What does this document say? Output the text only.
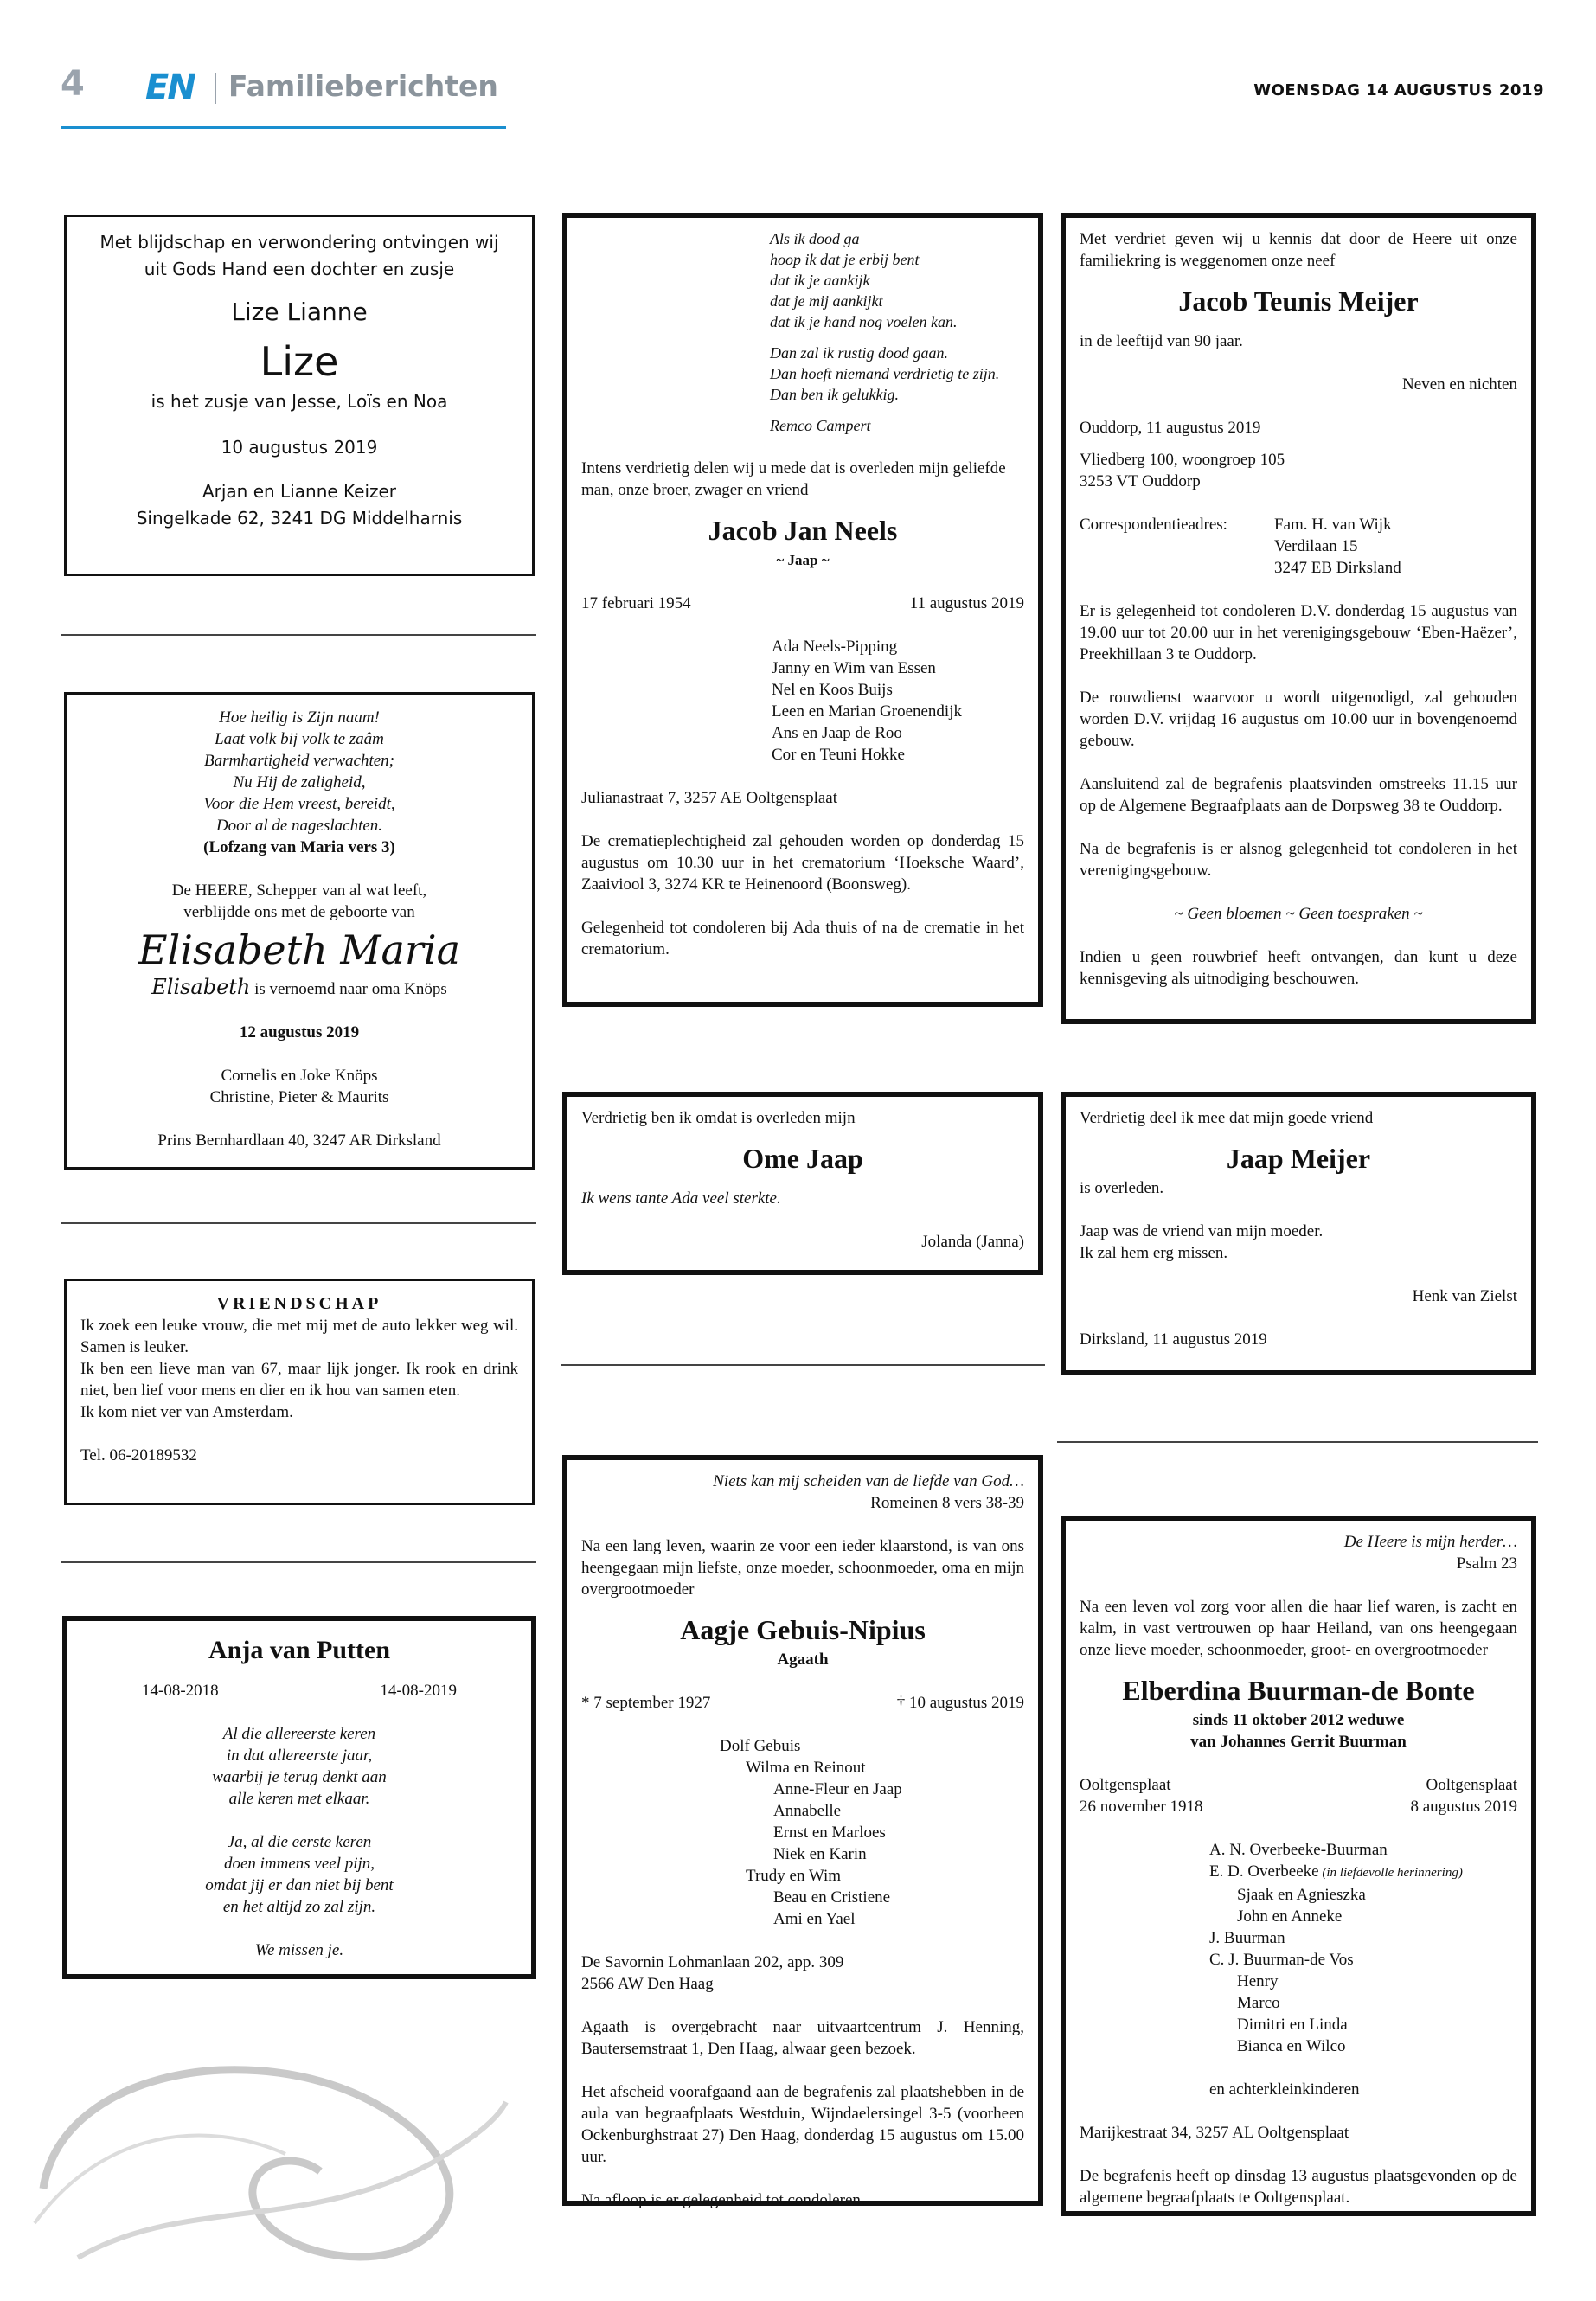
4 EN Familieberichten	WOENSDAG 14 AUGUSTUS 2019

Met blijdschap en verwondering ontvingen wij

uit Gods Hand een dochter en zusje

Lize Lianne

Lize

is het zusje van Jesse, Loïs en Noa

10 augustus 2019

Arjan en Lianne Keizer

Singelkade 62, 3241 DG Middelharnis

Hoe heilig is Zijn naam!

Laat volk bij volk te zaâm

Barmhartigheid verwachten;

Nu Hij de zaligheid,

Voor die Hem vreest, bereidt,

Door al de nageslachten.

(Lofzang van Maria vers 3)

De HEERE, Schepper van al wat leeft,

verblijdde ons met de geboorte van

Elisabeth Maria

Elisabeth is vernoemd naar oma Knöps

12 augustus 2019

Cornelis en Joke Knöps

Christine, Pieter & Maurits

Prins Bernhardlaan 40, 3247 AR Dirksland

VRIENDSCHAP

Ik zoek een leuke vrouw, die met mij met de auto lekker weg wil. Samen is leuker.

Ik ben een lieve man van 67, maar lijk jonger. Ik rook en drink niet, ben lief voor mens en dier en ik hou van samen eten.

Ik kom niet ver van Amsterdam.

Tel. 06-20189532

Anja van Putten

14-08-2018	14-08-2019

Al die allereerste keren

in dat allereerste jaar,

waarbij je terug denkt aan

alle keren met elkaar.

Ja, al die eerste keren

doen immens veel pijn,

omdat jij er dan niet bij bent

en het altijd zo zal zijn.

We missen je.

Als ik dood ga

hoop ik dat je erbij bent

dat ik je aankijk

dat je mij aankijkt

dat ik je hand nog voelen kan.

Dan zal ik rustig dood gaan.

Dan hoeft niemand verdrietig te zijn.

Dan ben ik gelukkig.

Remco Campert

Intens verdrietig delen wij u mede dat is overleden mijn geliefde man, onze broer, zwager en vriend

Jacob Jan Neels

~ Jaap ~

17 februari 1954	11 augustus 2019

Ada Neels-Pipping

Janny en Wim van Essen

Nel en Koos Buijs

Leen en Marian Groenendijk

Ans en Jaap de Roo

Cor en Teuni Hokke

Julianastraat 7, 3257 AE Ooltgensplaat

De crematieplechtigheid zal gehouden worden op donderdag 15 augustus om 10.30 uur in het crematorium ‘Hoeksche Waard’, Zaaiviool 3, 3274 KR te Heinenoord (Boonsweg).

Gelegenheid tot condoleren bij Ada thuis of na de crematie in het crematorium.

Verdrietig ben ik omdat is overleden mijn

Ome Jaap

Ik wens tante Ada veel sterkte.

Jolanda (Janna)

Niets kan mij scheiden van de liefde van God…

Romeinen 8 vers 38-39

Na een lang leven, waarin ze voor een ieder klaarstond, is van ons heengegaan mijn liefste, onze moeder, schoonmoeder, oma en mijn overgrootmoeder

Aagje Gebuis-Nipius

Agaath

* 7 september 1927	† 10 augustus 2019

Dolf Gebuis

Wilma en Reinout

Anne-Fleur en Jaap

Annabelle

Ernst en Marloes

Niek en Karin

Trudy en Wim

Beau en Cristiene

Ami en Yael

De Savornin Lohmanlaan 202, app. 309

2566 AW Den Haag

Agaath is overgebracht naar uitvaartcentrum J. Henning, Bautersemstraat 1, Den Haag, alwaar geen bezoek.

Het afscheid voorafgaand aan de begrafenis zal plaatshebben in de aula van begraafplaats Westduin, Wijndaelersingel 3-5 (voorheen Ockenburghstraat 27) Den Haag, donderdag 15 augustus om 15.00 uur.

Na afloop is er gelegenheid tot condoleren.

Met verdriet geven wij u kennis dat door de Heere uit onze familiekring is weggenomen onze neef

Jacob Teunis Meijer

in de leeftijd van 90 jaar.

Neven en nichten

Ouddorp, 11 augustus 2019

Vliedberg 100, woongroep 105

3253 VT Ouddorp

Correspondentieadres:	Fam. H. van Wijk

Verdilaan 15

3247 EB Dirksland

Er is gelegenheid tot condoleren D.V. donderdag 15 augustus van 19.00 uur tot 20.00 uur in het verenigingsgebouw ‘Eben-Haëzer’, Preekhillaan 3 te Ouddorp.

De rouwdienst waarvoor u wordt uitgenodigd, zal gehouden worden D.V. vrijdag 16 augustus om 10.00 uur in bovengenoemd gebouw.

Aansluitend zal de begrafenis plaatsvinden omstreeks 11.15 uur op de Algemene Begraafplaats aan de Dorpsweg 38 te Ouddorp.

Na de begrafenis is er alsnog gelegenheid tot condoleren in het verenigingsgebouw.

~ Geen bloemen ~ Geen toespraken ~

Indien u geen rouwbrief heeft ontvangen, dan kunt u deze kennisgeving als uitnodiging beschouwen.

Verdrietig deel ik mee dat mijn goede vriend

Jaap Meijer

is overleden.

Jaap was de vriend van mijn moeder.

Ik zal hem erg missen.

Henk van Zielst

Dirksland, 11 augustus 2019

De Heere is mijn herder…

Psalm 23

Na een leven vol zorg voor allen die haar lief waren, is zacht en kalm, in vast vertrouwen op haar Heiland, van ons heengegaan onze lieve moeder, schoonmoeder, groot- en overgrootmoeder

Elberdina Buurman-de Bonte

sinds 11 oktober 2012 weduwe

van Johannes Gerrit Buurman

Ooltgensplaat

26 november 1918

Ooltgensplaat

8 augustus 2019

A. N. Overbeeke-Buurman

E. D. Overbeeke (in liefdevolle herinnering)

Sjaak en Agnieszka

John en Anneke

J. Buurman

C. J. Buurman-de Vos

Henry

Marco

Dimitri en Linda

Bianca en Wilco

en achterkleinkinderen

Marijkestraat 34, 3257 AL Ooltgensplaat

De begrafenis heeft op dinsdag 13 augustus plaatsgevonden op de algemene begraafplaats te Ooltgensplaat.
